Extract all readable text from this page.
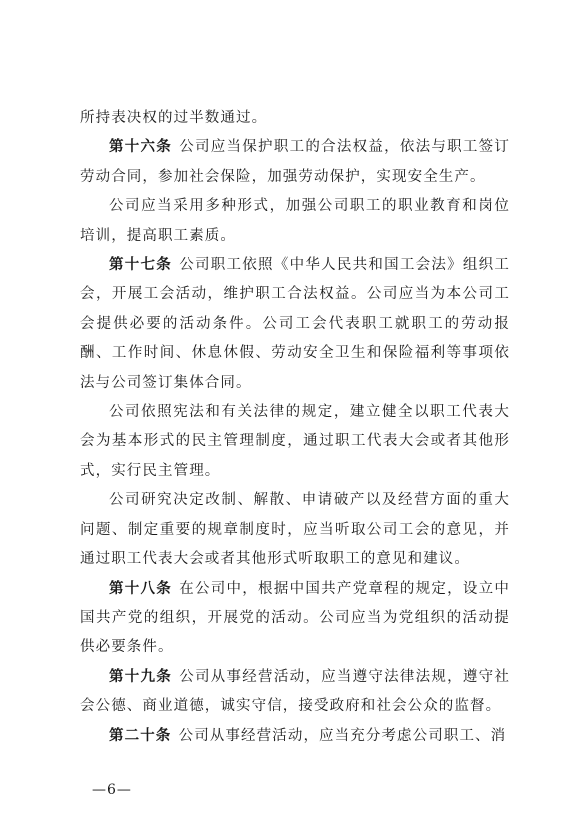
所持表决权的过半数通过。

第十六条 公司应当保护职工的合法权益，依法与职工签订劳动合同，参加社会保险，加强劳动保护，实现安全生产。

公司应当采用多种形式，加强公司职工的职业教育和岗位培训，提高职工素质。

第十七条 公司职工依照《中华人民共和国工会法》组织工会，开展工会活动，维护职工合法权益。公司应当为本公司工会提供必要的活动条件。公司工会代表职工就职工的劳动报酬、工作时间、休息休假、劳动安全卫生和保险福利等事项依法与公司签订集体合同。

公司依照宪法和有关法律的规定，建立健全以职工代表大会为基本形式的民主管理制度，通过职工代表大会或者其他形式，实行民主管理。

公司研究决定改制、解散、申请破产以及经营方面的重大问题、制定重要的规章制度时，应当听取公司工会的意见，并通过职工代表大会或者其他形式听取职工的意见和建议。

第十八条 在公司中，根据中国共产党章程的规定，设立中国共产党的组织，开展党的活动。公司应当为党组织的活动提供必要条件。

第十九条 公司从事经营活动，应当遵守法律法规，遵守社会公德、商业道德，诚实守信，接受政府和社会公众的监督。

第二十条 公司从事经营活动，应当充分考虑公司职工、消

—6—
